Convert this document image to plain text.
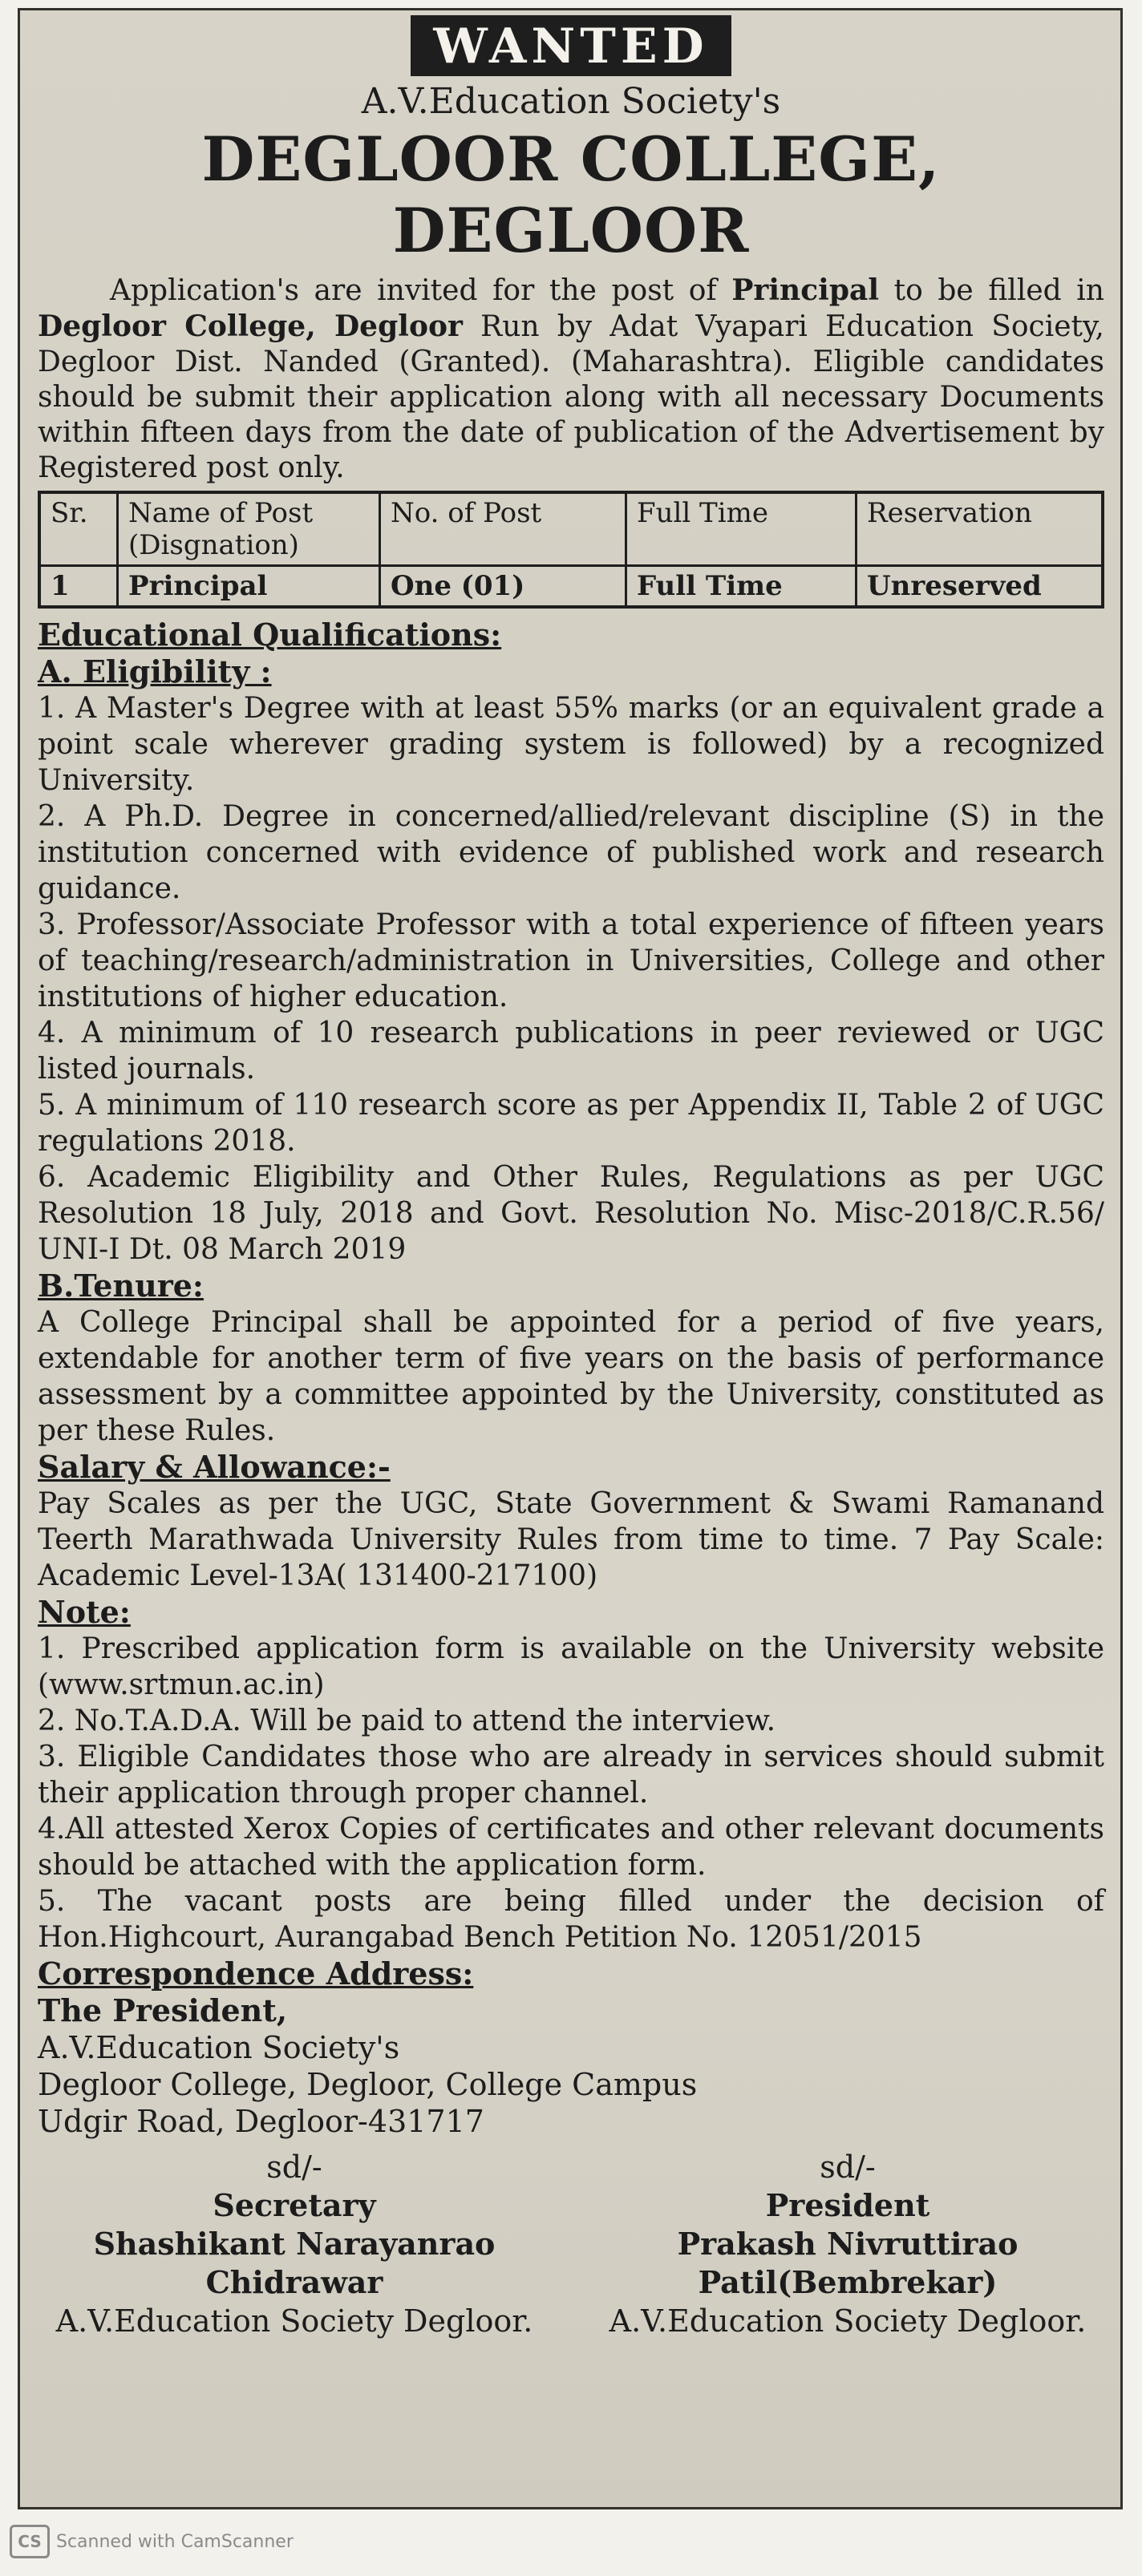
WANTED
A.V.Education Society's
DEGLOOR COLLEGE, DEGLOOR
Application's are invited for the post of Principal to be filled in Degloor College, Degloor Run by Adat Vyapari Education Society, Degloor Dist. Nanded (Granted). (Maharashtra). Eligible candidates should be submit their application along with all necessary Documents within fifteen days from the date of publication of the Advertisement by Registered post only.
Sr.	Name of Post (Disgnation)	No. of Post	Full Time	Reservation
1	Principal	One (01)	Full Time	Unreserved
Educational Qualifications:
A. Eligibility :
1. A Master's Degree with at least 55% marks (or an equivalent grade a point scale wherever grading system is followed) by a recognized University.
2. A Ph.D. Degree in concerned/allied/relevant discipline (S) in the institution concerned with evidence of published work and research guidance.
3. Professor/Associate Professor with a total experience of fifteen years of teaching/research/administration in Universities, College and other institutions of higher education.
4. A minimum of 10 research publications in peer reviewed or UGC listed journals.
5. A minimum of 110 research score as per Appendix II, Table 2 of UGC regulations 2018.
6. Academic Eligibility and Other Rules, Regulations as per UGC Resolution 18 July, 2018 and Govt. Resolution No. Misc-2018/C.R.56/ UNI-I Dt. 08 March 2019
B.Tenure:
A College Principal shall be appointed for a period of five years, extendable for another term of five years on the basis of performance assessment by a committee appointed by the University, constituted as per these Rules.
Salary & Allowance:-
Pay Scales as per the UGC, State Government & Swami Ramanand Teerth Marathwada University Rules from time to time. 7 Pay Scale: Academic Level-13A( 131400-217100)
Note:
1. Prescribed application form is available on the University website (www.srtmun.ac.in)
2. No.T.A.D.A. Will be paid to attend the interview.
3. Eligible Candidates those who are already in services should submit their application through proper channel.
4.All attested Xerox Copies of certificates and other relevant documents should be attached with the application form.
5. The vacant posts are being filled under the decision of Hon.Highcourt, Aurangabad Bench Petition No. 12051/2015
Correspondence Address:
The President,
A.V.Education Society's
Degloor College, Degloor, College Campus
Udgir Road, Degloor-431717
sd/-
Secretary
Shashikant Narayanrao
Chidrawar
A.V.Education Society Degloor.
sd/-
President
Prakash Nivruttirao
Patil(Bembrekar)
A.V.Education Society Degloor.
CS Scanned with CamScanner
